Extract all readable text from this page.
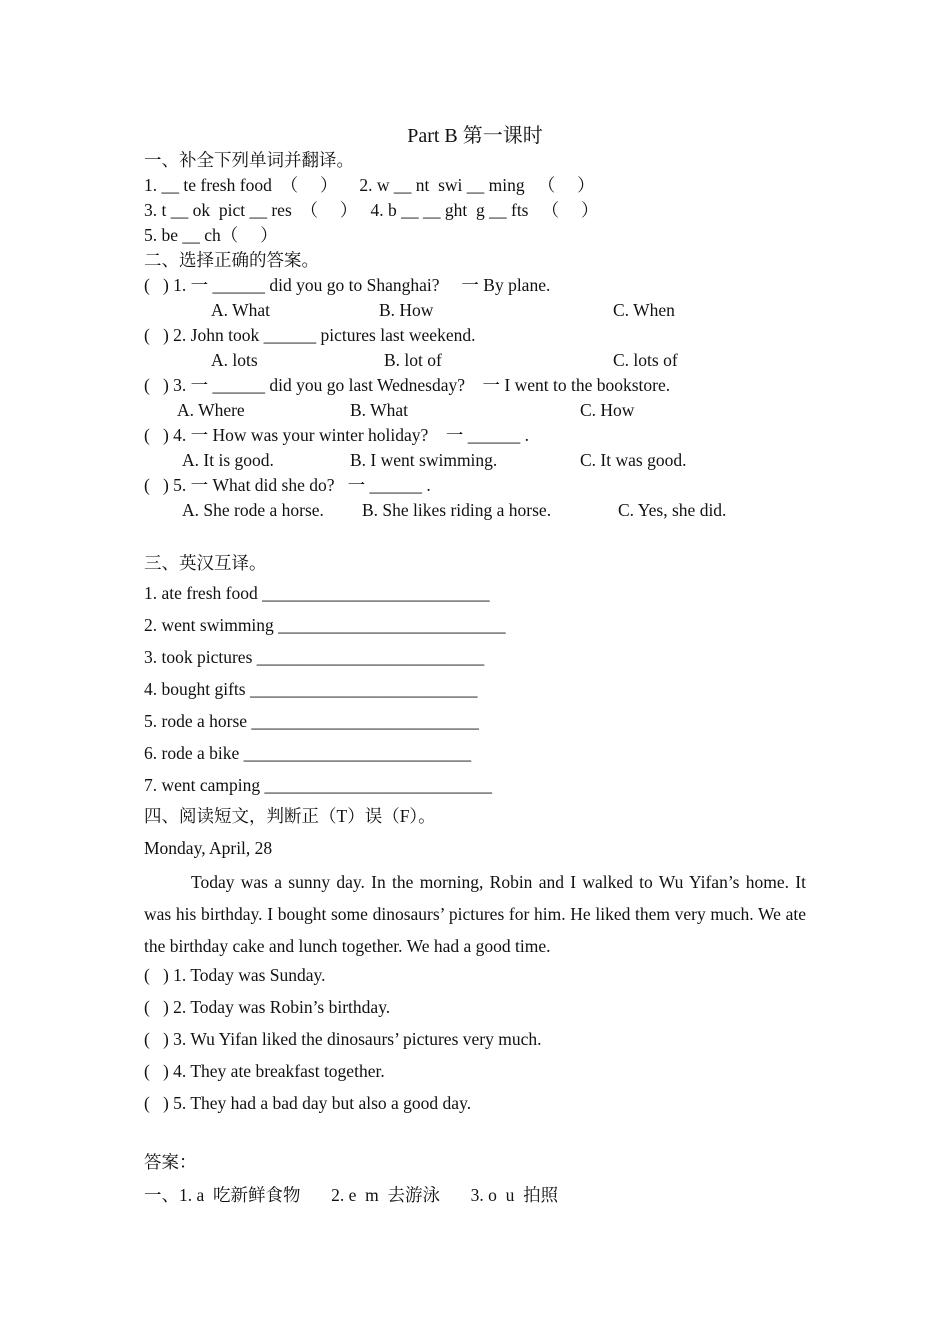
Part B 第一课时

一、补全下列单词并翻译。

1. __ te fresh food  （     ）     2. w __ nt  swi __ ming   （     ）

3. t __ ok  pict __ res  （     ）   4. b __ __ ght  g __ fts   （     ）

5. be __ ch（     ）

二、选择正确的答案。

(   ) 1. 一 ______ did you go to Shanghai?     一 By plane.

A. What	B. How	C. When

(   ) 2. John took ______ pictures last weekend.

A. lots	B. lot of	C. lots of

(   ) 3. 一 ______ did you go last Wednesday?    一 I went to the bookstore.

A. Where	B. What	C. How

(   ) 4. 一 How was your winter holiday?    一 ______ .

A. It is good.	B. I went swimming.	C. It was good.

(   ) 5. 一 What did she do?   一 ______ .

A. She rode a horse. B. She likes riding a horse.	C. Yes, she did.

三、英汉互译。

1. ate fresh food __________________________

2. went swimming __________________________

3. took pictures __________________________

4. bought gifts __________________________

5. rode a horse __________________________

6. rode a bike __________________________

7. went camping __________________________

四、阅读短文，判断正（T）误（F）。

Monday, April, 28

Today was a sunny day. In the morning, Robin and I walked to Wu Yifan’s home. It was his birthday. I bought some dinosaurs’ pictures for him. He liked them very much. We ate the birthday cake and lunch together. We had a good time.

(   ) 1. Today was Sunday.

(   ) 2. Today was Robin’s birthday.

(   ) 3. Wu Yifan liked the dinosaurs’ pictures very much.

(   ) 4. They ate breakfast together.

(   ) 5. They had a bad day but also a good day.

答案：

一、1. a  吃新鲜食物       2. e  m  去游泳       3. o  u  拍照
